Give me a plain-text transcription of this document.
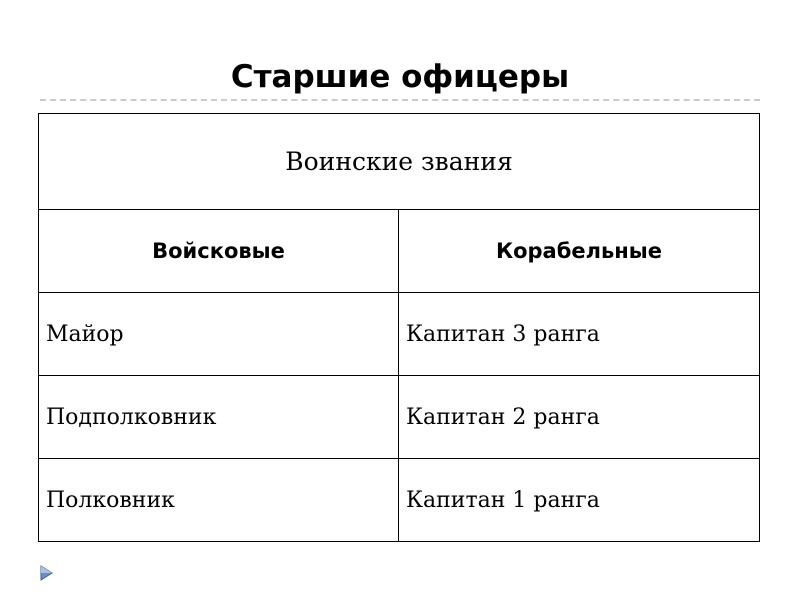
Старшие офицеры
Воинские звания	
Войсковые	Корабельные
Майор	Капитан 3 ранга
Подполковник	Капитан 2 ранга
Полковник	Капитан 1 ранга
